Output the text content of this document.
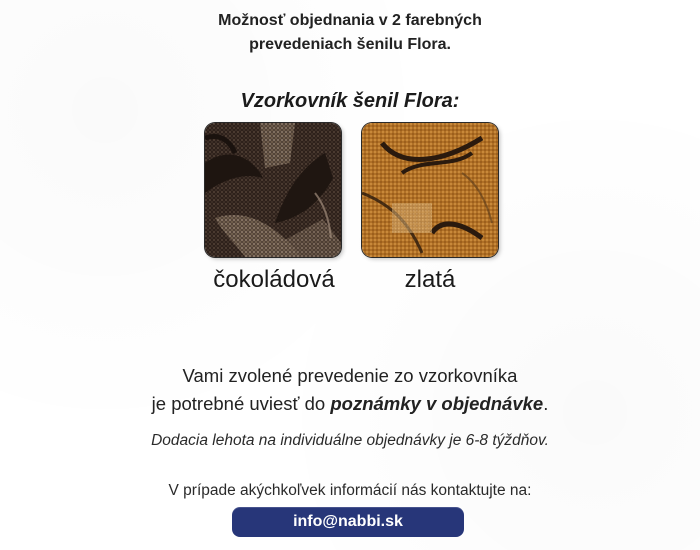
Možnosť objednania v 2 farebných
prevedeniach šenilu Flora.
Vzorkovník šenil Flora:
čokoládová	zlatá
Vami zvolené prevedenie zo vzorkovníka
je potrebné uviesť do poznámky v objednávke.
Dodacia lehota na individuálne objednávky je 6-8 týždňov.
V prípade akýchkoľvek informácií nás kontaktujte na:
info@nabbi.sk
